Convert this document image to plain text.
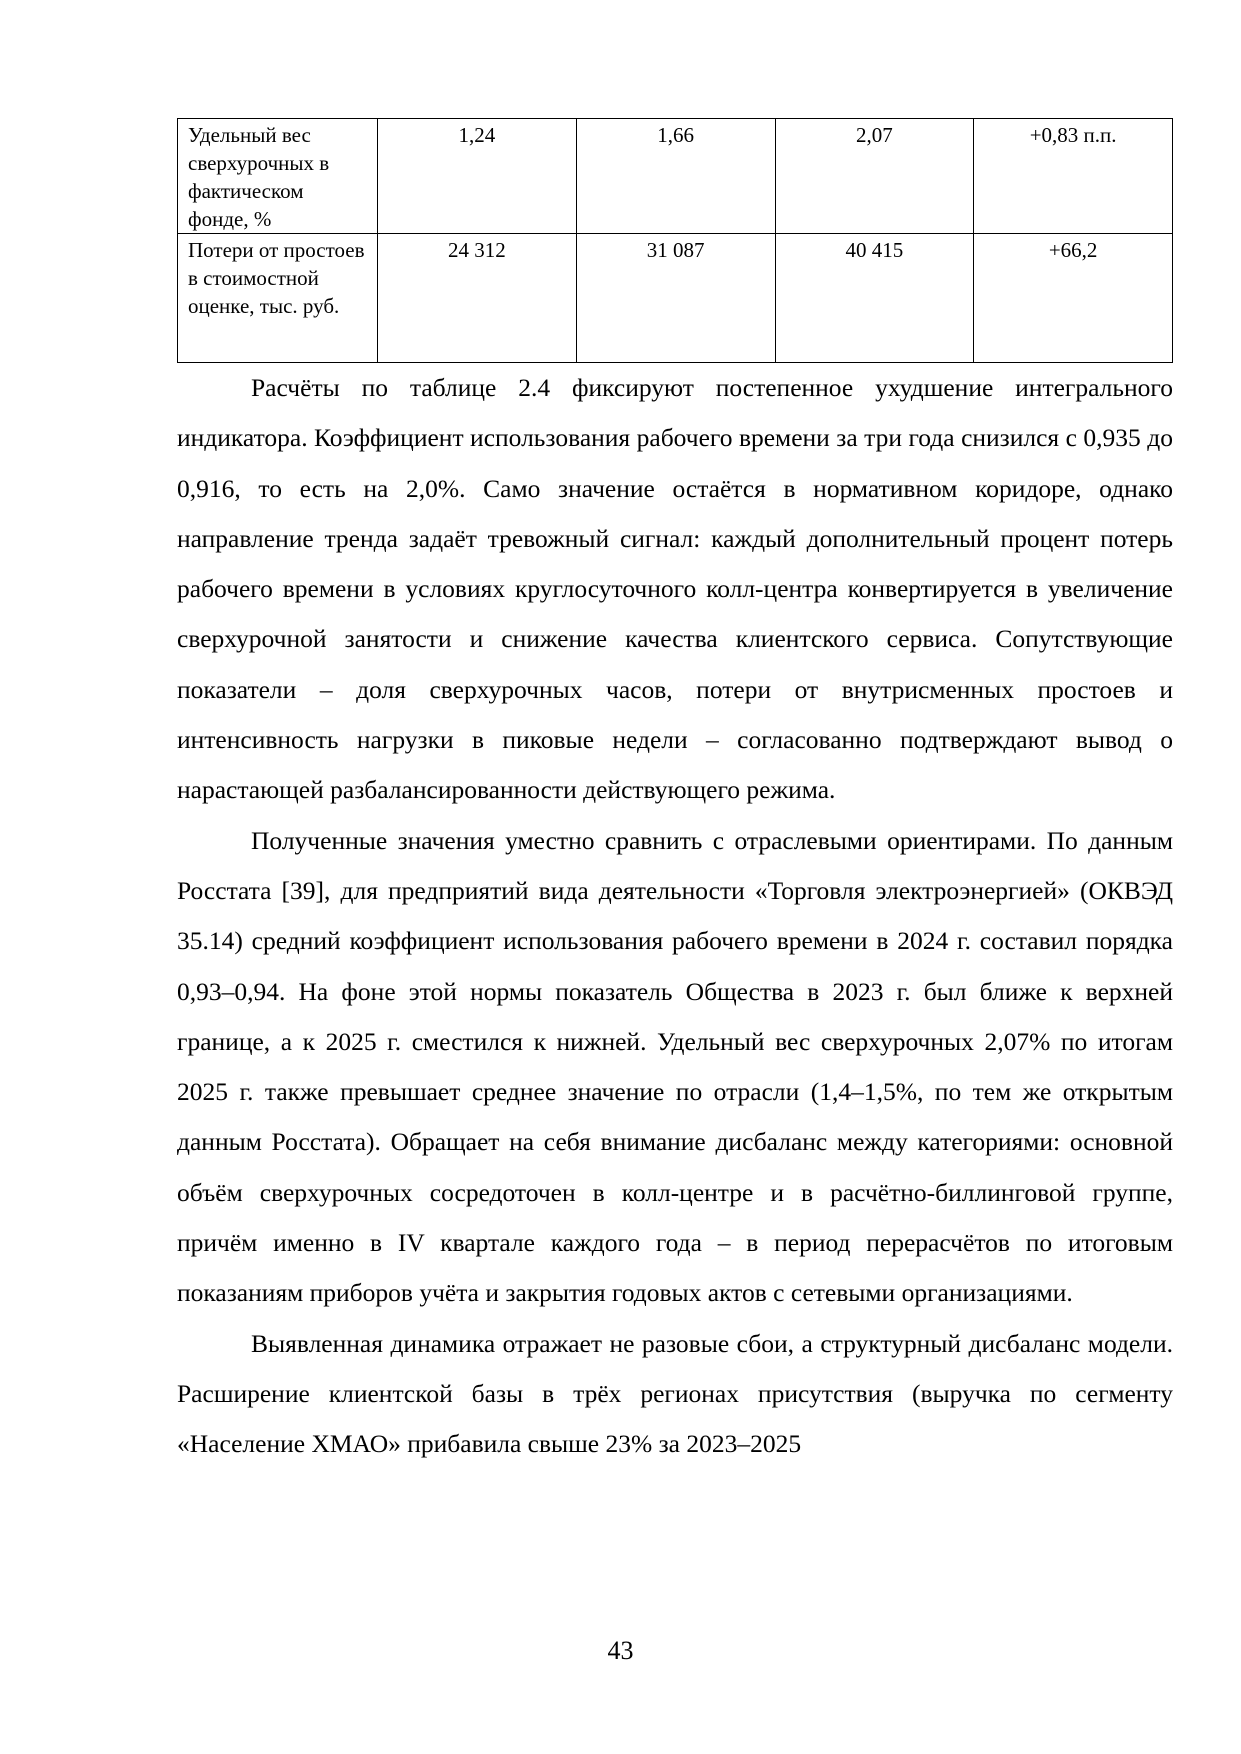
Удельный вес сверхурочных в фактическом фонде, %	1,24	1,66	2,07	+0,83 п.п.
Потери от простоев в стоимостной оценке, тыс. руб.	24 312	31 087	40 415	+66,2

Расчёты по таблице 2.4 фиксируют постепенное ухудшение интегрального индикатора. Коэффициент использования рабочего времени за три года снизился с 0,935 до 0,916, то есть на 2,0%. Само значение остаётся в нормативном коридоре, однако направление тренда задаёт тревожный сигнал: каждый дополнительный процент потерь рабочего времени в условиях круглосуточного колл-центра конвертируется в увеличение сверхурочной занятости и снижение качества клиентского сервиса. Сопутствующие показатели – доля сверхурочных часов, потери от внутрисменных простоев и интенсивность нагрузки в пиковые недели – согласованно подтверждают вывод о нарастающей разбалансированности действующего режима.

Полученные значения уместно сравнить с отраслевыми ориентирами. По данным Росстата [39], для предприятий вида деятельности «Торговля электроэнергией» (ОКВЭД 35.14) средний коэффициент использования рабочего времени в 2024 г. составил порядка 0,93–0,94. На фоне этой нормы показатель Общества в 2023 г. был ближе к верхней границе, а к 2025 г. сместился к нижней. Удельный вес сверхурочных 2,07% по итогам 2025 г. также превышает среднее значение по отрасли (1,4–1,5%, по тем же открытым данным Росстата). Обращает на себя внимание дисбаланс между категориями: основной объём сверхурочных сосредоточен в колл-центре и в расчётно-биллинговой группе, причём именно в IV квартале каждого года – в период перерасчётов по итоговым показаниям приборов учёта и закрытия годовых актов с сетевыми организациями.

Выявленная динамика отражает не разовые сбои, а структурный дисбаланс модели. Расширение клиентской базы в трёх регионах присутствия (выручка по сегменту «Население ХМАО» прибавила свыше 23% за 2023–2025

43
